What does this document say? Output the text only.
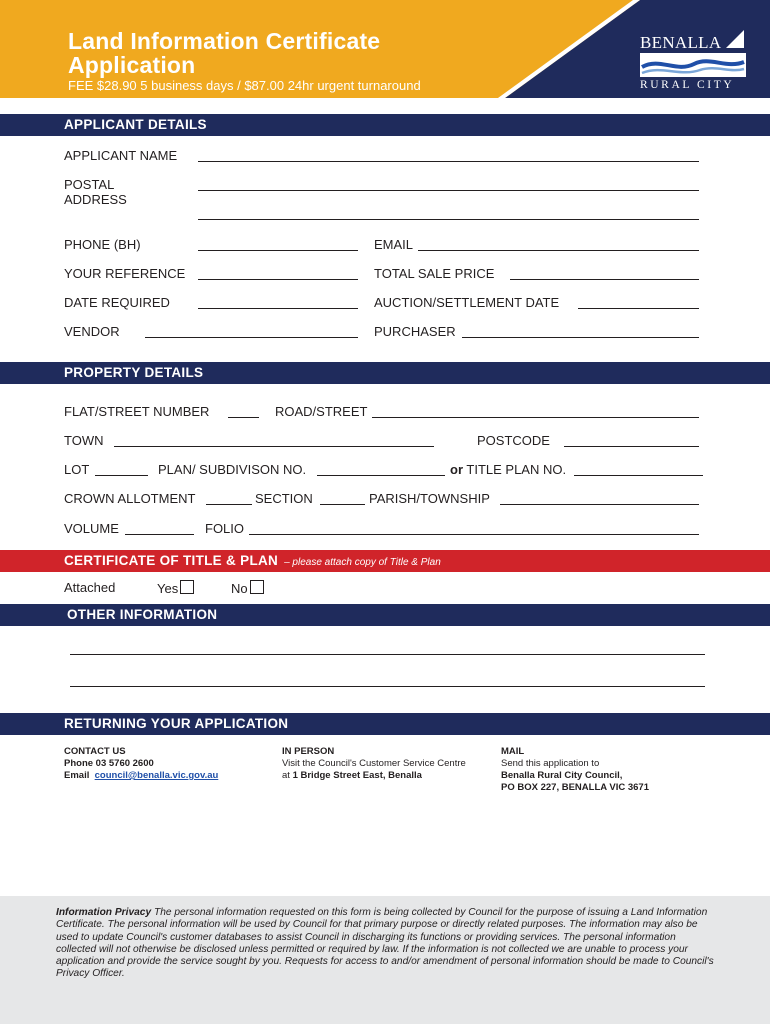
Land Information Certificate
Application
FEE $28.90 5 business days / $87.00 24hr urgent turnaround
BENALLA
RURAL CITY
APPLICANT DETAILS
APPLICANT NAME
POSTAL
ADDRESS
PHONE (BH)	EMAIL
YOUR REFERENCE	TOTAL SALE PRICE
DATE REQUIRED	AUCTION/SETTLEMENT DATE
VENDOR	PURCHASER
PROPERTY DETAILS
FLAT/STREET NUMBER	ROAD/STREET
TOWN	POSTCODE
LOT	PLAN/ SUBDIVISON NO.	or TITLE PLAN NO.
CROWN ALLOTMENT	SECTION	PARISH/TOWNSHIP
VOLUME	FOLIO
CERTIFICATE OF TITLE & PLAN – please attach copy of Title & Plan
Attached	Yes	No
OTHER INFORMATION
RETURNING YOUR APPLICATION
CONTACT US
Phone 03 5760 2600
Email council@benalla.vic.gov.au
IN PERSON
Visit the Council's Customer Service Centre
at 1 Bridge Street East, Benalla
MAIL
Send this application to
Benalla Rural City Council,
PO BOX 227, BENALLA VIC 3671
Information Privacy The personal information requested on this form is being collected by Council for the purpose of issuing a Land Information Certificate. The personal information will be used by Council for that primary purpose or directly related purposes. The information may also be used to update Council's customer databases to assist Council in discharging its functions or providing services. The personal information collected will not otherwise be disclosed unless permitted or required by law. If the information is not collected we are unable to process your application and provide the service sought by you. Requests for access to and/or amendment of personal information should be made to Council's Privacy Officer.
